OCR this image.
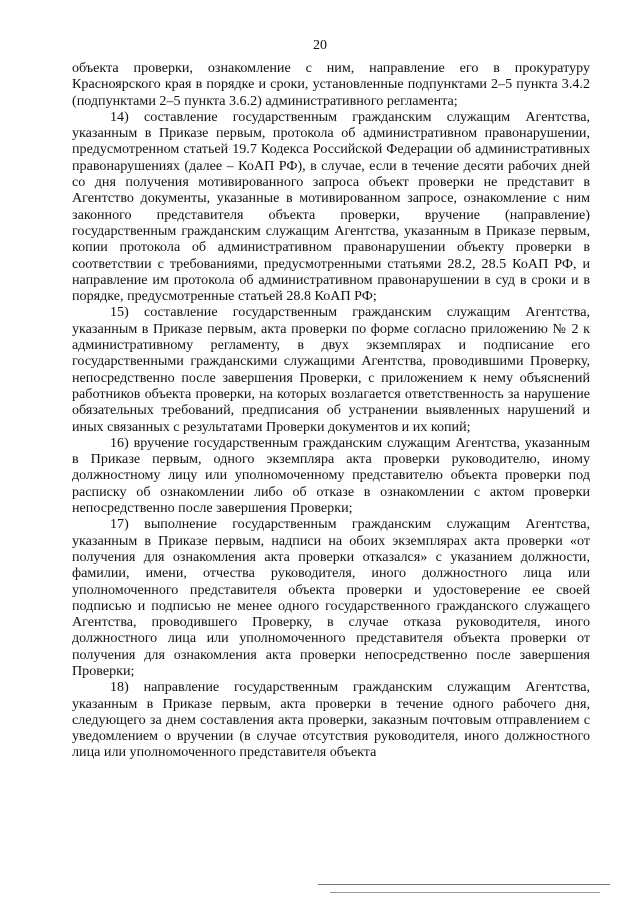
20

объекта проверки, ознакомление с ним, направление его в прокуратуру Красноярского края в порядке и сроки, установленные подпунктами 2–5 пункта 3.4.2 (подпунктами 2–5 пункта 3.6.2) административного регламента;

14) составление государственным гражданским служащим Агентства, указанным в Приказе первым, протокола об административном правонарушении, предусмотренном статьей 19.7 Кодекса Российской Федерации об административных правонарушениях (далее – КоАП РФ), в случае, если в течение десяти рабочих дней со дня получения мотивированного запроса объект проверки не представит в Агентство документы, указанные в мотивированном запросе, ознакомление с ним законного представителя объекта проверки, вручение (направление) государственным гражданским служащим Агентства, указанным в Приказе первым, копии протокола об административном правонарушении объекту проверки в соответствии с требованиями, предусмотренными статьями 28.2, 28.5 КоАП РФ, и направление им протокола об административном правонарушении в суд в сроки и в порядке, предусмотренные статьей 28.8 КоАП РФ;

15) составление государственным гражданским служащим Агентства, указанным в Приказе первым, акта проверки по форме согласно приложению № 2 к административному регламенту, в двух экземплярах и подписание его государственными гражданскими служащими Агентства, проводившими Проверку, непосредственно после завершения Проверки, с приложением к нему объяснений работников объекта проверки, на которых возлагается ответственность за нарушение обязательных требований, предписания об устранении выявленных нарушений и иных связанных с результатами Проверки документов и их копий;

16) вручение государственным гражданским служащим Агентства, указанным в Приказе первым, одного экземпляра акта проверки руководителю, иному должностному лицу или уполномоченному представителю объекта проверки под расписку об ознакомлении либо об отказе в ознакомлении с актом проверки непосредственно после завершения Проверки;

17) выполнение государственным гражданским служащим Агентства, указанным в Приказе первым, надписи на обоих экземплярах акта проверки «от получения для ознакомления акта проверки отказался» с указанием должности, фамилии, имени, отчества руководителя, иного должностного лица или уполномоченного представителя объекта проверки и удостоверение ее своей подписью и подписью не менее одного государственного гражданского служащего Агентства, проводившего Проверку, в случае отказа руководителя, иного должностного лица или уполномоченного представителя объекта проверки от получения для ознакомления акта проверки непосредственно после завершения Проверки;

18) направление государственным гражданским служащим Агентства, указанным в Приказе первым, акта проверки в течение одного рабочего дня, следующего за днем составления акта проверки, заказным почтовым отправлением с уведомлением о вручении (в случае отсутствия руководителя, иного должностного лица или уполномоченного представителя объекта
